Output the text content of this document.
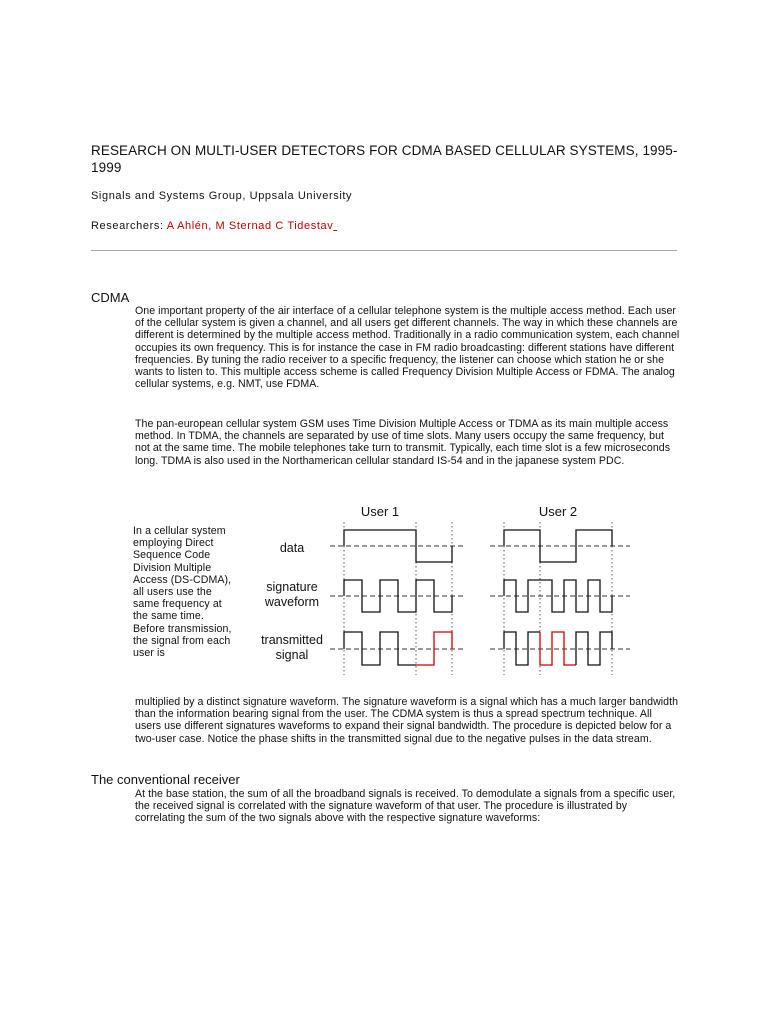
RESEARCH ON MULTI-USER DETECTORS FOR CDMA BASED CELLULAR SYSTEMS, 1995-1999
Signals and Systems Group, Uppsala University
Researchers: A Ahlén, M Sternad C Tidestav
CDMA

One important property of the air interface of a cellular telephone system is the multiple access method. Each user of the cellular system is given a channel, and all users get different channels. The way in which these channels are different is determined by the multiple access method. Traditionally in a radio communication system, each channel occupies its own frequency. This is for instance the case in FM radio broadcasting: different stations have different frequencies. By tuning the radio receiver to a specific frequency, the listener can choose which station he or she wants to listen to. This multiple access scheme is called Frequency Division Multiple Access or FDMA. The analog cellular systems, e.g. NMT, use FDMA.

The pan-european cellular system GSM uses Time Division Multiple Access or TDMA as its main multiple access method. In TDMA, the channels are separated by use of time slots. Many users occupy the same frequency, but not at the same time. The mobile telephones take turn to transmit. Typically, each time slot is a few microseconds long. TDMA is also used in the Northamerican cellular standard IS-54 and in the japanese system PDC.

In a cellular system employing Direct Sequence Code Division Multiple Access (DS-CDMA), all users use the same frequency at the same time. Before transmission, the signal from each user is
User 1	User 2
data
signature
waveform
transmitted
signal

multiplied by a distinct signature waveform. The signature waveform is a signal which has a much larger bandwidth than the information bearing signal from the user. The CDMA system is thus a spread spectrum technique. All users use different signatures waveforms to expand their signal bandwidth. The procedure is depicted below for a two-user case. Notice the phase shifts in the transmitted signal due to the negative pulses in the data stream.

The conventional receiver

At the base station, the sum of all the broadband signals is received. To demodulate a signals from a specific user, the received signal is correlated with the signature waveform of that user. The procedure is illustrated by correlating the sum of the two signals above with the respective signature waveforms:
